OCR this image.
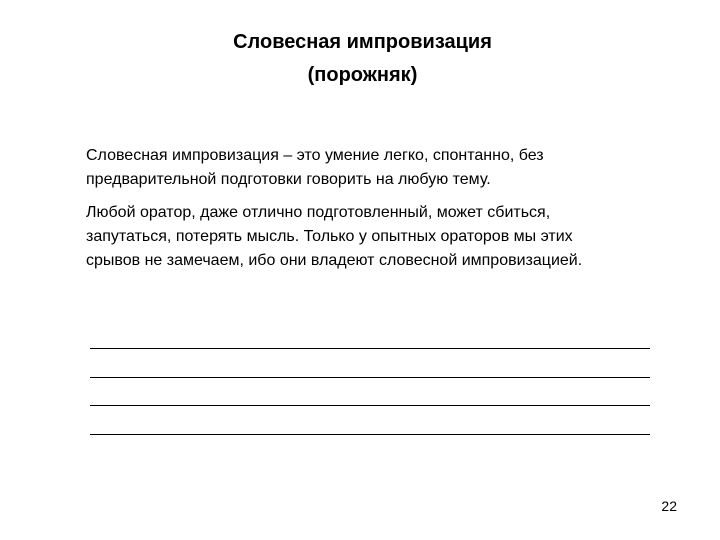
Словесная импровизация
(порожняк)
Словесная импровизация – это умение легко, спонтанно, без
предварительной подготовки говорить на любую тему.
Любой оратор, даже отлично подготовленный, может сбиться,
запутаться, потерять мысль. Только у опытных ораторов мы этих
срывов не замечаем, ибо они владеют словесной импровизацией.
22
